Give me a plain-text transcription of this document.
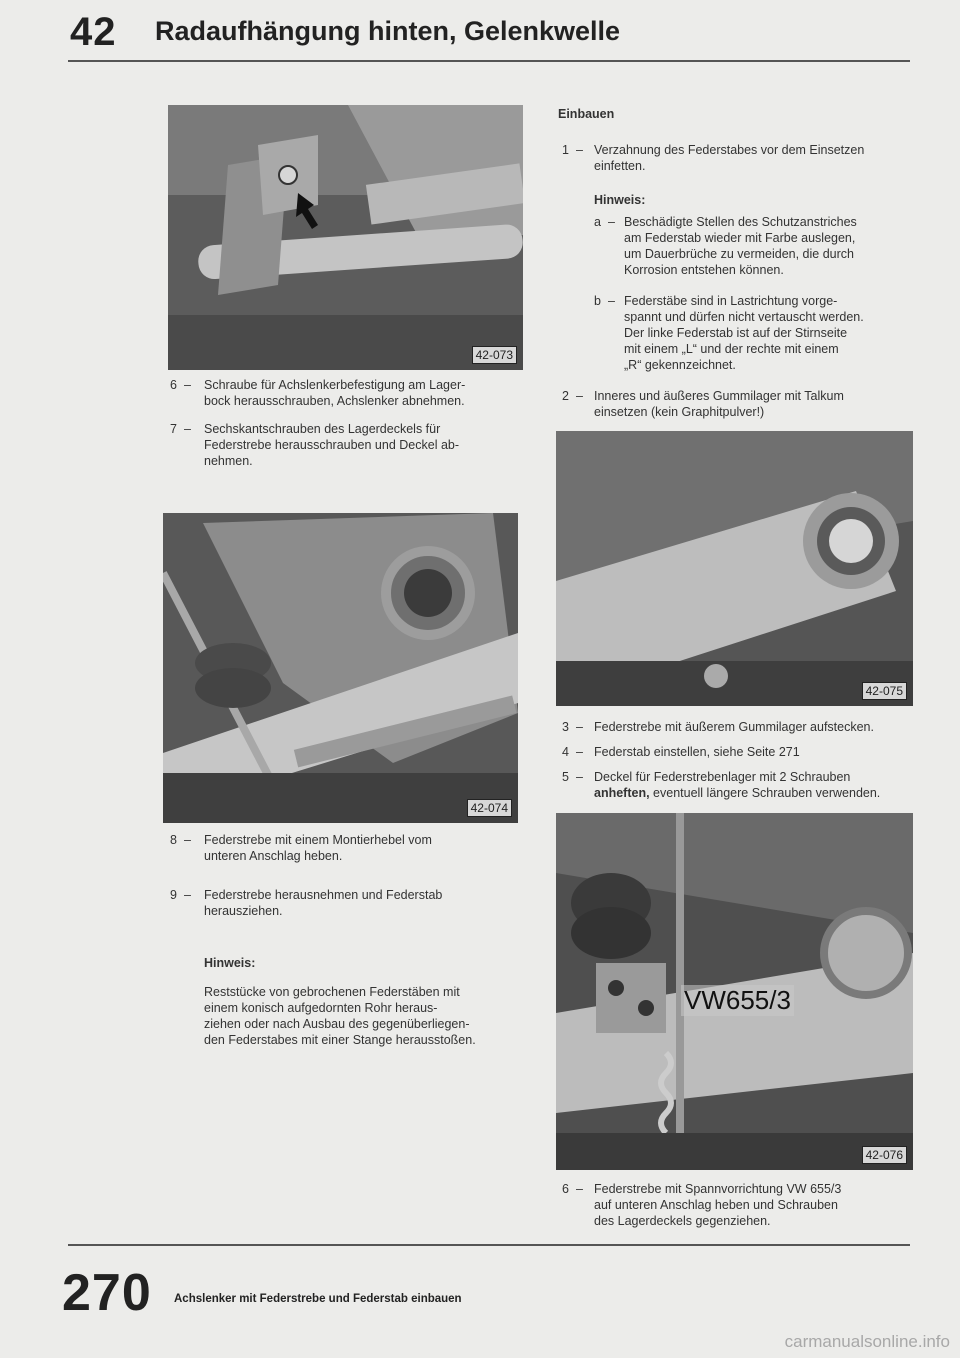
42 Radaufhängung hinten, Gelenkwelle
42-073
6 – Schraube für Achslenkerbefestigung am Lager-
bock herausschrauben, Achslenker abnehmen.
7 – Sechskantschrauben des Lagerdeckels für
Federstrebe herausschrauben und Deckel ab-
nehmen.
42-074
8 – Federstrebe mit einem Montierhebel vom
unteren Anschlag heben.
9 – Federstrebe herausnehmen und Federstab
herausziehen.
Hinweis:
Reststücke von gebrochenen Federstäben mit
einem konisch aufgedornten Rohr heraus-
ziehen oder nach Ausbau des gegenüberliegen-
den Federstabes mit einer Stange herausstoßen.
Einbauen
1 – Verzahnung des Federstabes vor dem Einsetzen
einfetten.
Hinweis:
a – Beschädigte Stellen des Schutzanstriches
am Federstab wieder mit Farbe auslegen,
um Dauerbrüche zu vermeiden, die durch
Korrosion entstehen können.
b – Federstäbe sind in Lastrichtung vorge-
spannt und dürfen nicht vertauscht werden.
Der linke Federstab ist auf der Stirnseite
mit einem „L“ und der rechte mit einem
„R“ gekennzeichnet.
2 – Inneres und äußeres Gummilager mit Talkum
einsetzen (kein Graphitpulver!)
42-075
3 – Federstrebe mit äußerem Gummilager aufstecken.
4 – Federstab einstellen, siehe Seite 271
5 – Deckel für Federstrebenlager mit 2 Schrauben
anheften, eventuell längere Schrauben verwenden.
VW655/3
42-076
6 – Federstrebe mit Spannvorrichtung VW 655/3
auf unteren Anschlag heben und Schrauben
des Lagerdeckels gegenziehen.
270 Achslenker mit Federstrebe und Federstab einbauen
carmanualsonline.info
